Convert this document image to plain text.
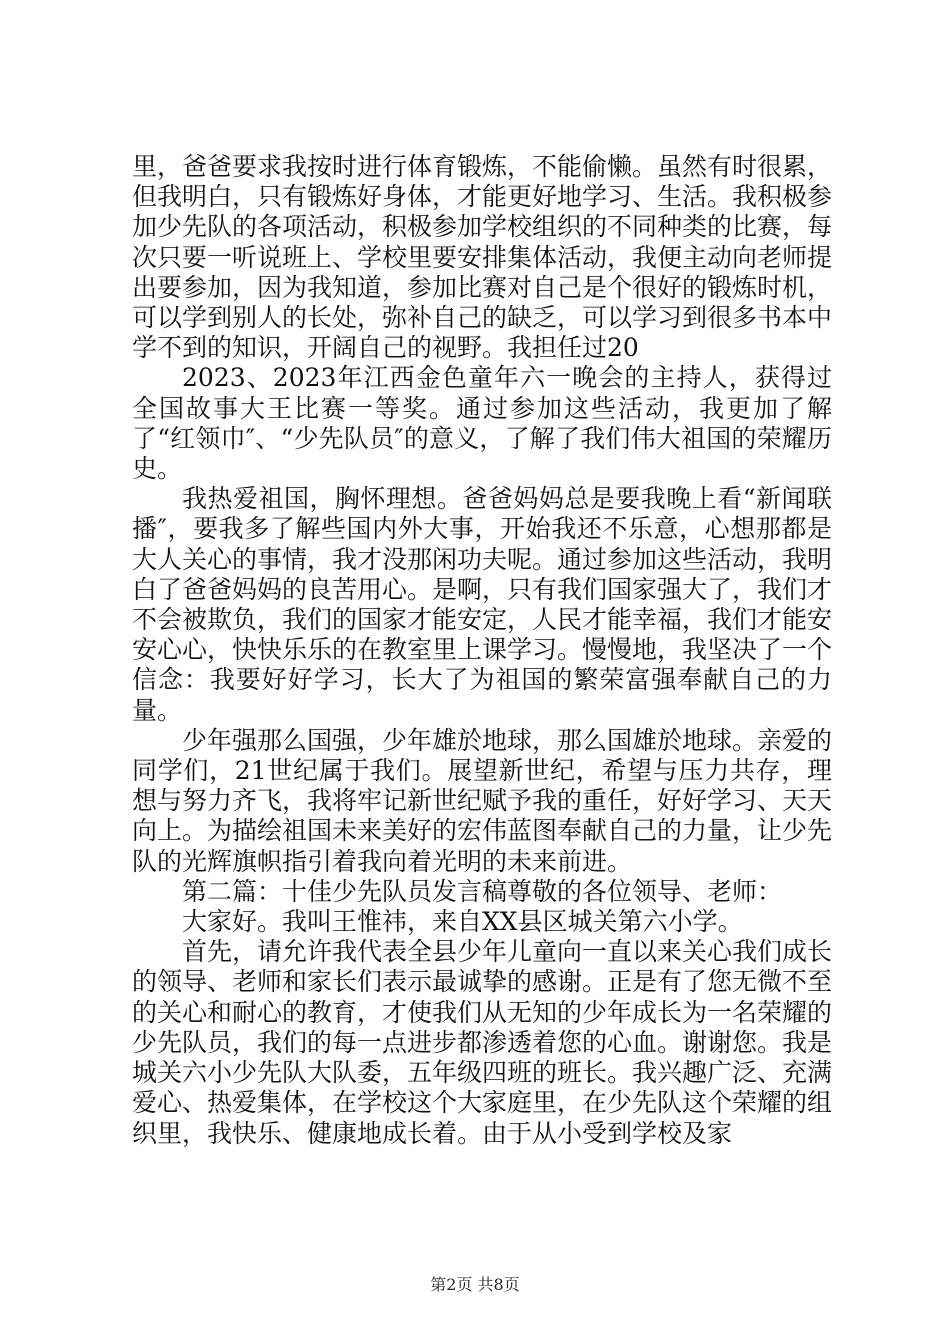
里，爸爸要求我按时进行体育锻炼，不能偷懒。虽然有时很累，但我明白，只有锻炼好身体，才能更好地学习、生活。我积极参加少先队的各项活动，积极参加学校组织的不同种类的比赛，每次只要一听说班上、学校里要安排集体活动，我便主动向老师提出要参加，因为我知道，参加比赛对自己是个很好的锻炼时机，可以学到别人的长处，弥补自己的缺乏，可以学习到很多书本中学不到的知识，开阔自己的视野。我担任过20

2023、2023年江西金色童年六一晚会的主持人，获得过全国故事大王比赛一等奖。通过参加这些活动，我更加了解了“红领巾″、“少先队员″的意义，了解了我们伟大祖国的荣耀历史。

我热爱祖国，胸怀理想。爸爸妈妈总是要我晚上看“新闻联播″，要我多了解些国内外大事，开始我还不乐意，心想那都是大人关心的事情，我才没那闲功夫呢。通过参加这些活动，我明白了爸爸妈妈的良苦用心。是啊，只有我们国家强大了，我们才不会被欺负，我们的国家才能安定，人民才能幸福，我们才能安安心心，快快乐乐的在教室里上课学习。慢慢地，我坚决了一个信念：我要好好学习，长大了为祖国的繁荣富强奉献自己的力量。

少年强那么国强，少年雄於地球，那么国雄於地球。亲爱的同学们，21世纪属于我们。展望新世纪，希望与压力共存，理想与努力齐飞，我将牢记新世纪赋予我的重任，好好学习、天天向上。为描绘祖国未来美好的宏伟蓝图奉献自己的力量，让少先队的光辉旗帜指引着我向着光明的未来前进。

第二篇：十佳少先队员发言稿尊敬的各位领导、老师：

大家好。我叫王惟祎，来自XX县区城关第六小学。

首先，请允许我代表全县少年儿童向一直以来关心我们成长的领导、老师和家长们表示最诚挚的感谢。正是有了您无微不至的关心和耐心的教育，才使我们从无知的少年成长为一名荣耀的少先队员，我们的每一点进步都渗透着您的心血。谢谢您。我是城关六小少先队大队委，五年级四班的班长。我兴趣广泛、充满爱心、热爱集体，在学校这个大家庭里，在少先队这个荣耀的组织里，我快乐、健康地成长着。由于从小受到学校及家

第2页 共8页
